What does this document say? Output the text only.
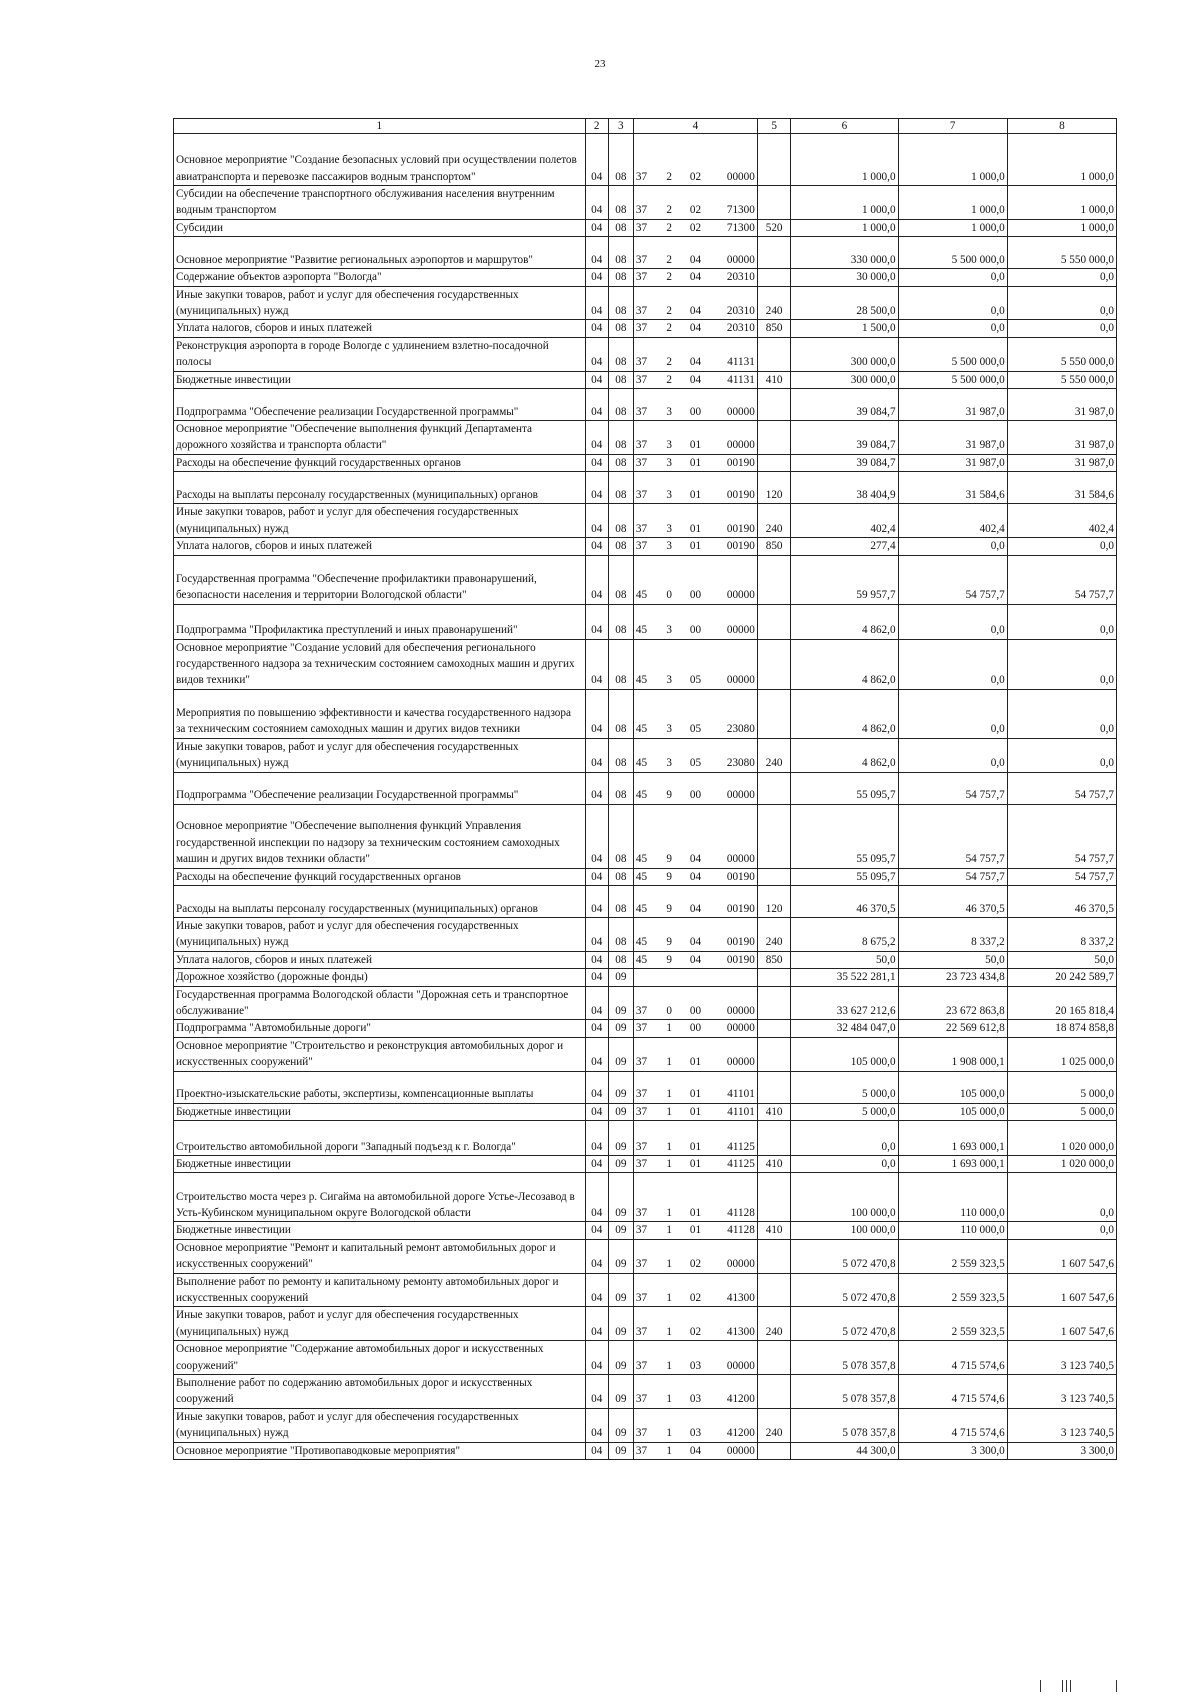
23
1	2	3	4	5	6	7	8
Основное мероприятие "Создание безопасных условий при осуществлении полетов авиатранспорта и перевозке пассажиров водным транспортом"	04	08	37 2 02 00000		1 000,0	1 000,0	1 000,0
Субсидии на обеспечение транспортного обслуживания населения внутренним водным транспортом	04	08	37 2 02 71300		1 000,0	1 000,0	1 000,0
Субсидии	04	08	37 2 02 71300	520	1 000,0	1 000,0	1 000,0
Основное мероприятие "Развитие региональных аэропортов и маршрутов"	04	08	37 2 04 00000		330 000,0	5 500 000,0	5 550 000,0
Содержание объектов аэропорта "Вологда"	04	08	37 2 04 20310		30 000,0	0,0	0,0
Иные закупки товаров, работ и услуг для обеспечения государственных (муниципальных) нужд	04	08	37 2 04 20310	240	28 500,0	0,0	0,0
Уплата налогов, сборов и иных платежей	04	08	37 2 04 20310	850	1 500,0	0,0	0,0
Реконструкция аэропорта в городе Вологде с удлинением взлетно-посадочной полосы	04	08	37 2 04 41131		300 000,0	5 500 000,0	5 550 000,0
Бюджетные инвестиции	04	08	37 2 04 41131	410	300 000,0	5 500 000,0	5 550 000,0
Подпрограмма "Обеспечение реализации Государственной программы"	04	08	37 3 00 00000		39 084,7	31 987,0	31 987,0
Основное мероприятие "Обеспечение выполнения функций Департамента дорожного хозяйства и транспорта области"	04	08	37 3 01 00000		39 084,7	31 987,0	31 987,0
Расходы на обеспечение функций государственных органов	04	08	37 3 01 00190		39 084,7	31 987,0	31 987,0
Расходы на выплаты персоналу государственных (муниципальных) органов	04	08	37 3 01 00190	120	38 404,9	31 584,6	31 584,6
Иные закупки товаров, работ и услуг для обеспечения государственных (муниципальных) нужд	04	08	37 3 01 00190	240	402,4	402,4	402,4
Уплата налогов, сборов и иных платежей	04	08	37 3 01 00190	850	277,4	0,0	0,0
Государственная программа "Обеспечение профилактики правонарушений, безопасности населения и территории Вологодской области"	04	08	45 0 00 00000		59 957,7	54 757,7	54 757,7
Подпрограмма "Профилактика преступлений и иных правонарушений"	04	08	45 3 00 00000		4 862,0	0,0	0,0
Основное мероприятие "Создание условий для обеспечения регионального государственного надзора за техническим состоянием самоходных машин и других видов техники"	04	08	45 3 05 00000		4 862,0	0,0	0,0
Мероприятия по повышению эффективности и качества государственного надзора за техническим состоянием самоходных машин и других видов техники	04	08	45 3 05 23080		4 862,0	0,0	0,0
Иные закупки товаров, работ и услуг для обеспечения государственных (муниципальных) нужд	04	08	45 3 05 23080	240	4 862,0	0,0	0,0
Подпрограмма "Обеспечение реализации Государственной программы"	04	08	45 9 00 00000		55 095,7	54 757,7	54 757,7
Основное мероприятие "Обеспечение выполнения функций Управления государственной инспекции по надзору за техническим состоянием самоходных машин и других видов техники области"	04	08	45 9 04 00000		55 095,7	54 757,7	54 757,7
Расходы на обеспечение функций государственных органов	04	08	45 9 04 00190		55 095,7	54 757,7	54 757,7
Расходы на выплаты персоналу государственных (муниципальных) органов	04	08	45 9 04 00190	120	46 370,5	46 370,5	46 370,5
Иные закупки товаров, работ и услуг для обеспечения государственных (муниципальных) нужд	04	08	45 9 04 00190	240	8 675,2	8 337,2	8 337,2
Уплата налогов, сборов и иных платежей	04	08	45 9 04 00190	850	50,0	50,0	50,0
Дорожное хозяйство (дорожные фонды)	04	09			35 522 281,1	23 723 434,8	20 242 589,7
Государственная программа Вологодской области "Дорожная сеть и транспортное обслуживание"	04	09	37 0 00 00000		33 627 212,6	23 672 863,8	20 165 818,4
Подпрограмма "Автомобильные дороги"	04	09	37 1 00 00000		32 484 047,0	22 569 612,8	18 874 858,8
Основное мероприятие "Строительство и реконструкция автомобильных дорог и искусственных сооружений"	04	09	37 1 01 00000		105 000,0	1 908 000,1	1 025 000,0
Проектно-изыскательские работы, экспертизы, компенсационные выплаты	04	09	37 1 01 41101		5 000,0	105 000,0	5 000,0
Бюджетные инвестиции	04	09	37 1 01 41101	410	5 000,0	105 000,0	5 000,0
Строительство автомобильной дороги "Западный подъезд к г. Вологда"	04	09	37 1 01 41125		0,0	1 693 000,1	1 020 000,0
Бюджетные инвестиции	04	09	37 1 01 41125	410	0,0	1 693 000,1	1 020 000,0
Строительство моста через р. Сигайма на автомобильной дороге Устье-Лесозавод в Усть-Кубинском муниципальном округе Вологодской области	04	09	37 1 01 41128		100 000,0	110 000,0	0,0
Бюджетные инвестиции	04	09	37 1 01 41128	410	100 000,0	110 000,0	0,0
Основное мероприятие "Ремонт и капитальный ремонт автомобильных дорог и искусственных сооружений"	04	09	37 1 02 00000		5 072 470,8	2 559 323,5	1 607 547,6
Выполнение работ по ремонту и капитальному ремонту автомобильных дорог и искусственных сооружений	04	09	37 1 02 41300		5 072 470,8	2 559 323,5	1 607 547,6
Иные закупки товаров, работ и услуг для обеспечения государственных (муниципальных) нужд	04	09	37 1 02 41300	240	5 072 470,8	2 559 323,5	1 607 547,6
Основное мероприятие "Содержание автомобильных дорог и искусственных сооружений"	04	09	37 1 03 00000		5 078 357,8	4 715 574,6	3 123 740,5
Выполнение работ по содержанию автомобильных дорог и искусственных сооружений	04	09	37 1 03 41200		5 078 357,8	4 715 574,6	3 123 740,5
Иные закупки товаров, работ и услуг для обеспечения государственных (муниципальных) нужд	04	09	37 1 03 41200	240	5 078 357,8	4 715 574,6	3 123 740,5
Основное мероприятие "Противопаводковые мероприятия"	04	09	37 1 04 00000		44 300,0	3 300,0	3 300,0
